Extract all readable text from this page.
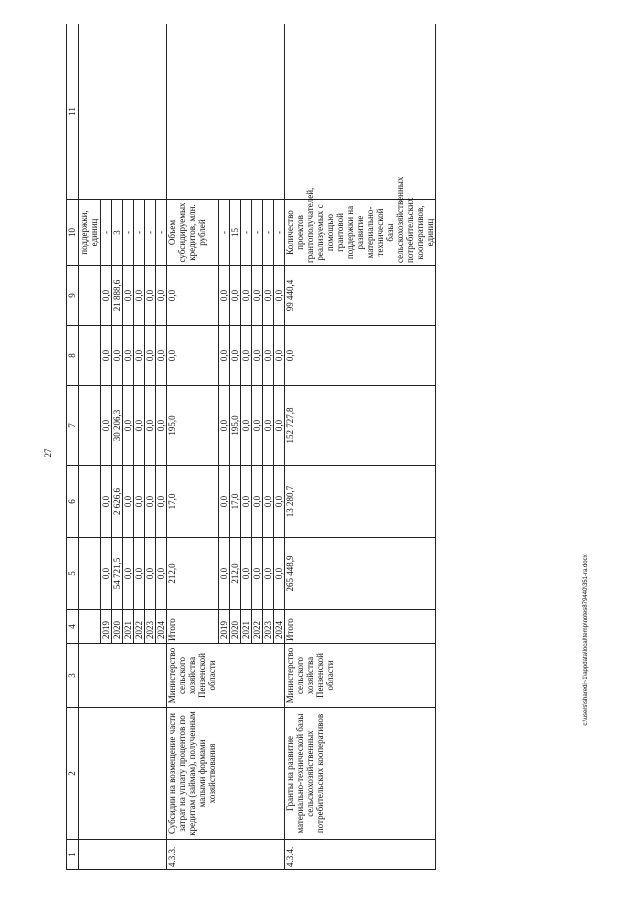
27
c:\users\sharedi~1\appdata\local\temp\notes879440\351-ra.docx
1	2	3	4	5	6	7	8	9	10	11
									поддержки, единиц	
			2019	0,0	0,0	0,0	0,0	0,0	-	
			2020	54 721,5	2 626,6	30 206,3	0,0	21 888,6	3	
			2021	0,0	0,0	0,0	0,0	0,0	-	
			2022	0,0	0,0	0,0	0,0	0,0	-	
			2023	0,0	0,0	0,0	0,0	0,0	-	
			2024	0,0	0,0	0,0	0,0	0,0	-	
4.3.3.	Субсидии на возмещение части затрат на уплату процентов по кредитам (займам), полученным малыми формами хозяйствования	Министерство сельского хозяйства Пензенской области	Итого	212,0	17,0	195,0	0,0	0,0	Объем субсидируемых кредитов, млн. рублей	
			2019	0,0	0,0	0,0	0,0	0,0	-	
			2020	212,0	17,0	195,0	0,0	0,0	15	
			2021	0,0	0,0	0,0	0,0	0,0	-	
			2022	0,0	0,0	0,0	0,0	0,0	-	
			2023	0,0	0,0	0,0	0,0	0,0	-	
			2024	0,0	0,0	0,0	0,0	0,0	-	
4.3.4.	Гранты на развитие материально-технической базы сельскохозяйственных потребительских кооперативов	Министерство сельского хозяйства Пензенской области	Итого	265 448,9	13 280,7	152 727,8	0,0	99 440,4	Количество проектов грантополучателей, реализуемых с помощью грантовой поддержки на развитие материально-технической базы сельскохозяйственных потребительских кооперативов, единиц	
